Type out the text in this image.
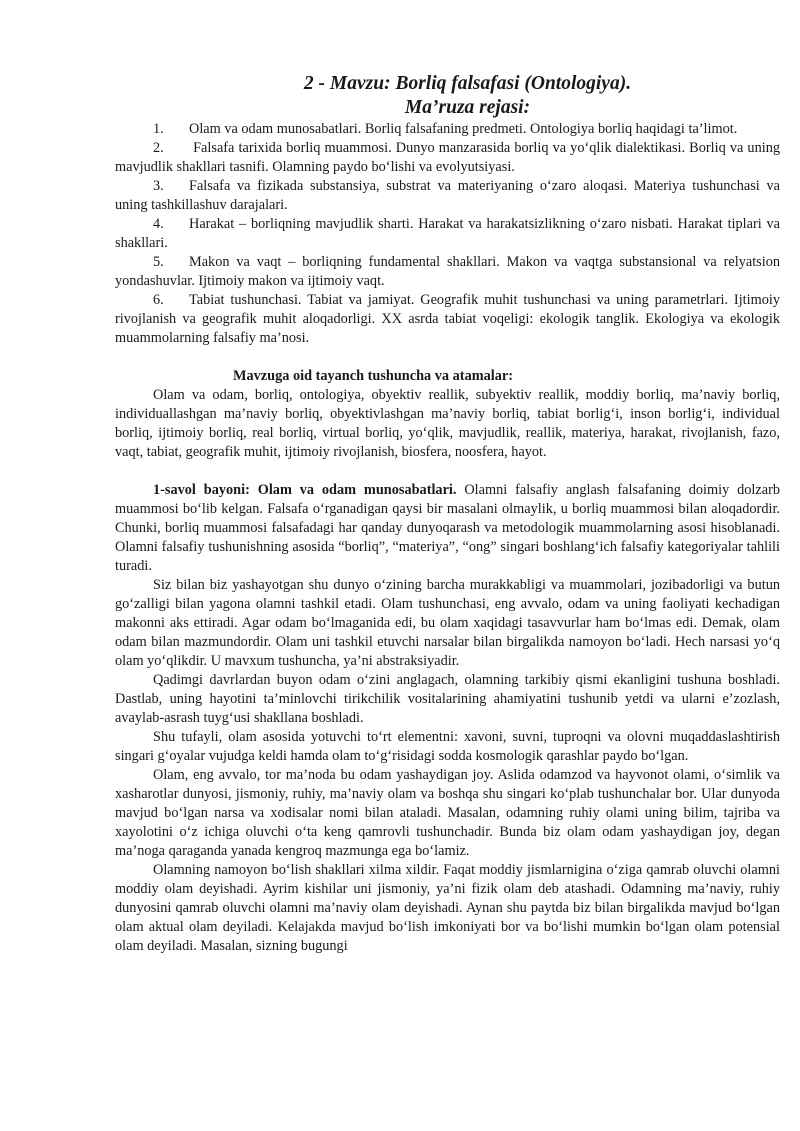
2 - Mavzu: Borliq falsafasi (Ontologiya).
Ma’ruza rejasi:

1. Olam va odam munosabatlari. Borliq falsafaning predmeti. Ontologiya borliq haqidagi ta’limot.

2. Falsafa tarixida borliq muammosi. Dunyo manzarasida borliq va yo‘qlik dialektikasi. Borliq va uning mavjudlik shakllari tasnifi. Olamning paydo bo‘lishi va evolyutsiyasi.

3. Falsafa va fizikada substansiya, substrat va materiyaning o‘zaro aloqasi. Materiya tushunchasi va uning tashkillashuv darajalari.

4. Harakat – borliqning mavjudlik sharti. Harakat va harakatsizlikning o‘zaro nisbati. Harakat tiplari va shakllari.

5. Makon va vaqt – borliqning fundamental shakllari. Makon va vaqtga substansional va relyatsion yondashuvlar. Ijtimoiy makon va ijtimoiy vaqt.

6. Tabiat tushunchasi. Tabiat va jamiyat. Geografik muhit tushunchasi va uning parametrlari. Ijtimoiy rivojlanish va geografik muhit aloqadorligi. XX asrda tabiat voqeligi: ekologik tanglik. Ekologiya va ekologik muammolarning falsafiy ma’nosi.

Mavzuga oid tayanch tushuncha va atamalar:

Olam va odam, borliq, ontologiya, obyektiv reallik, subyektiv reallik, moddiy borliq, ma’naviy borliq, individuallashgan ma’naviy borliq, obyektivlashgan ma’naviy borliq, tabiat borlig‘i, inson borlig‘i, individual borliq, ijtimoiy borliq, real borliq, virtual borliq, yo‘qlik, mavjudlik, reallik, materiya, harakat, rivojlanish, fazo, vaqt, tabiat, geografik muhit, ijtimoiy rivojlanish, biosfera, noosfera, hayot.

1-savol bayoni: Olam va odam munosabatlari. Olamni falsafiy anglash falsafaning doimiy dolzarb muammosi bo‘lib kelgan. Falsafa o‘rganadigan qaysi bir masalani olmaylik, u borliq muammosi bilan aloqadordir. Chunki, borliq muammosi falsafadagi har qanday dunyoqarash va metodologik muammolarning asosi hisoblanadi. Olamni falsafiy tushunishning asosida “borliq”, “materiya”, “ong” singari boshlang‘ich falsafiy kategoriyalar tahlili turadi.

Siz bilan biz yashayotgan shu dunyo o‘zining barcha murakkabligi va muammolari, jozibadorligi va butun go‘zalligi bilan yagona olamni tashkil etadi. Olam tushunchasi, eng avvalo, odam va uning faoliyati kechadigan makonni aks ettiradi. Agar odam bo‘lmaganida edi, bu olam xaqidagi tasavvurlar ham bo‘lmas edi. Demak, olam odam bilan mazmundordir. Olam uni tashkil etuvchi narsalar bilan birgalikda namoyon bo‘ladi. Hech narsasi yo‘q olam yo‘qlikdir. U mavxum tushuncha, ya’ni abstraksiyadir.

Qadimgi davrlardan buyon odam o‘zini anglagach, olamning tarkibiy qismi ekanligini tushuna boshladi. Dastlab, uning hayotini ta’minlovchi tirikchilik vositalarining ahamiyatini tushunib yetdi va ularni e’zozlash, avaylab-asrash tuyg‘usi shakllana boshladi.

Shu tufayli, olam asosida yotuvchi to‘rt elementni: xavoni, suvni, tuproqni va olovni muqaddaslashtirish singari g‘oyalar vujudga keldi hamda olam to‘g‘risidagi sodda kosmologik qarashlar paydo bo‘lgan.

Olam, eng avvalo, tor ma’noda bu odam yashaydigan joy. Aslida odamzod va hayvonot olami, o‘simlik va xasharotlar dunyosi, jismoniy, ruhiy, ma’naviy olam va boshqa shu singari ko‘plab tushunchalar bor. Ular dunyoda mavjud bo‘lgan narsa va xodisalar nomi bilan ataladi. Masalan, odamning ruhiy olami uning bilim, tajriba va xayolotini o‘z ichiga oluvchi o‘ta keng qamrovli tushunchadir. Bunda biz olam odam yashaydigan joy, degan ma’noga qaraganda yanada kengroq mazmunga ega bo‘lamiz.

Olamning namoyon bo‘lish shakllari xilma xildir. Faqat moddiy jismlarnigina o‘ziga qamrab oluvchi olamni moddiy olam deyishadi. Ayrim kishilar uni jismoniy, ya’ni fizik olam deb atashadi. Odamning ma’naviy, ruhiy dunyosini qamrab oluvchi olamni ma’naviy olam deyishadi. Aynan shu paytda biz bilan birgalikda mavjud bo‘lgan olam aktual olam deyiladi. Kelajakda mavjud bo‘lish imkoniyati bor va bo‘lishi mumkin bo‘lgan olam potensial olam deyiladi. Masalan, sizning bugungi
